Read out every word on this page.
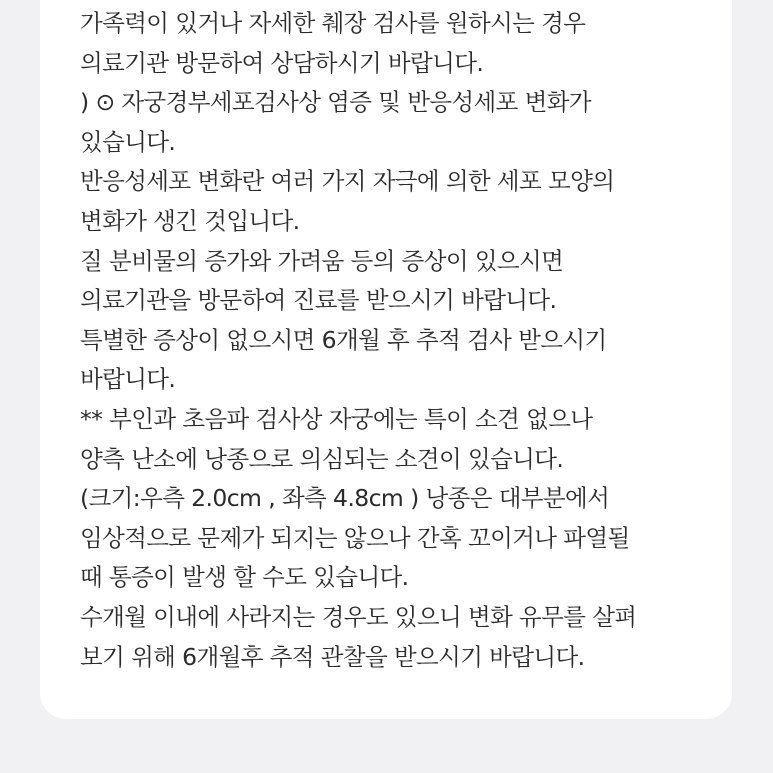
가족력이 있거나 자세한 췌장 검사를 원하시는 경우
의료기관 방문하여 상담하시기 바랍니다.
) ⊙ 자궁경부세포검사상 염증 및 반응성세포 변화가
있습니다.
반응성세포 변화란 여러 가지 자극에 의한 세포 모양의
변화가 생긴 것입니다.
질 분비물의 증가와 가려움 등의 증상이 있으시면
의료기관을 방문하여 진료를 받으시기 바랍니다.
특별한 증상이 없으시면 6개월 후 추적 검사 받으시기
바랍니다.
** 부인과 초음파 검사상 자궁에는 특이 소견 없으나
양측 난소에 낭종으로 의심되는 소견이 있습니다.
(크기:우측 2.0cm , 좌측 4.8cm ) 낭종은 대부분에서
임상적으로 문제가 되지는 않으나 간혹 꼬이거나 파열될
때 통증이 발생 할 수도 있습니다.
수개월 이내에 사라지는 경우도 있으니 변화 유무를 살펴
보기 위해 6개월후 추적 관찰을 받으시기 바랍니다.
